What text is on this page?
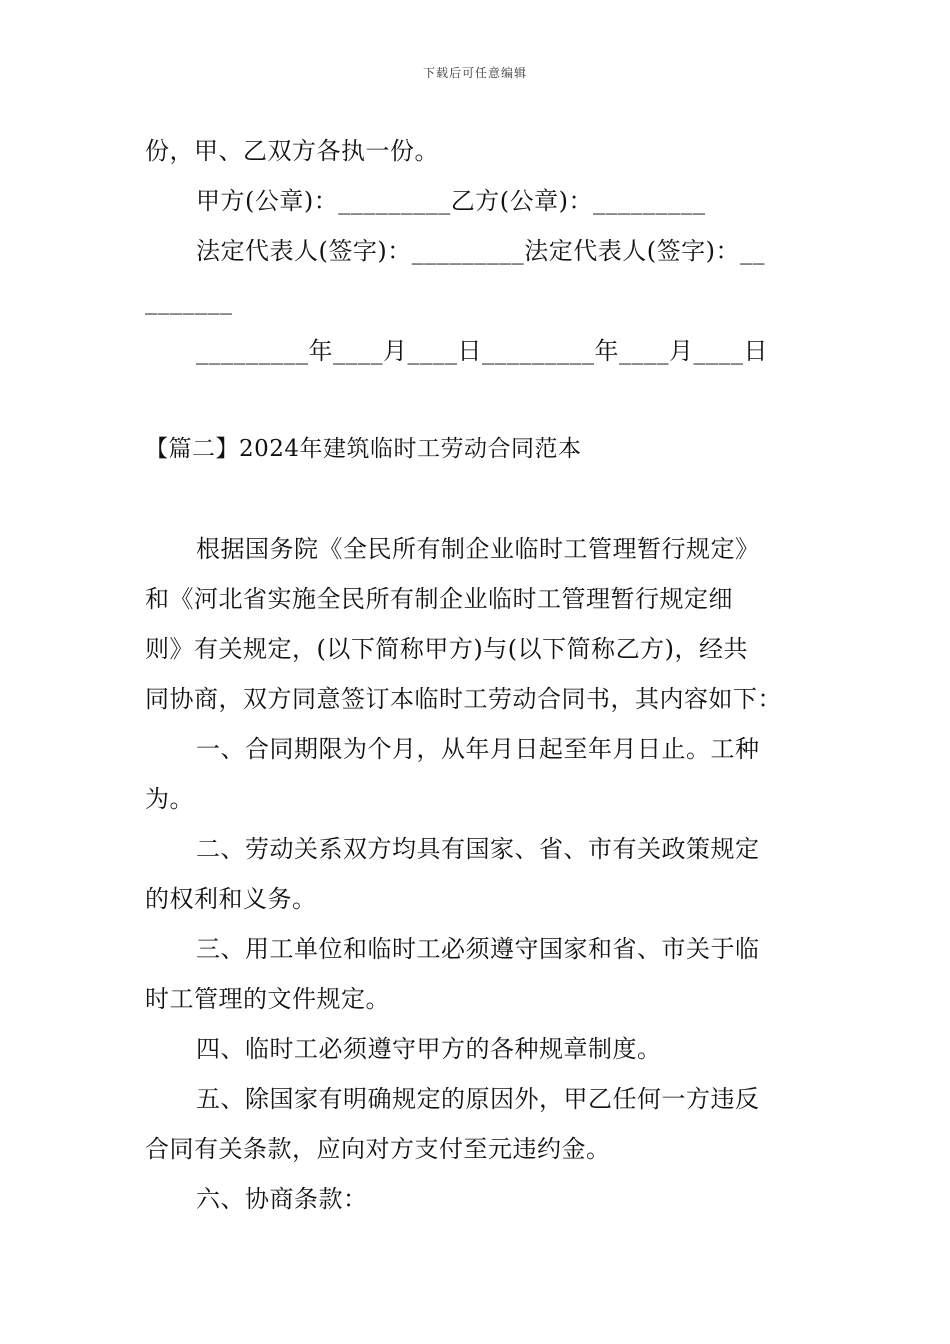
下载后可任意编辑
份，甲、乙双方各执一份。
甲方(公章)：_________乙方(公章)：_________
法定代表人(签字)：_________法定代表人(签字)：__
_______
_________年____月____日_________年____月____日
【篇二】2024年建筑临时工劳动合同范本
根据国务院《全民所有制企业临时工管理暂行规定》
和《河北省实施全民所有制企业临时工管理暂行规定细
则》有关规定，(以下简称甲方)与(以下简称乙方)，经共
同协商，双方同意签订本临时工劳动合同书，其内容如下：
一、合同期限为个月，从年月日起至年月日止。工种
为。
二、劳动关系双方均具有国家、省、市有关政策规定
的权利和义务。
三、用工单位和临时工必须遵守国家和省、市关于临
时工管理的文件规定。
四、临时工必须遵守甲方的各种规章制度。
五、除国家有明确规定的原因外，甲乙任何一方违反
合同有关条款，应向对方支付至元违约金。
六、协商条款：
